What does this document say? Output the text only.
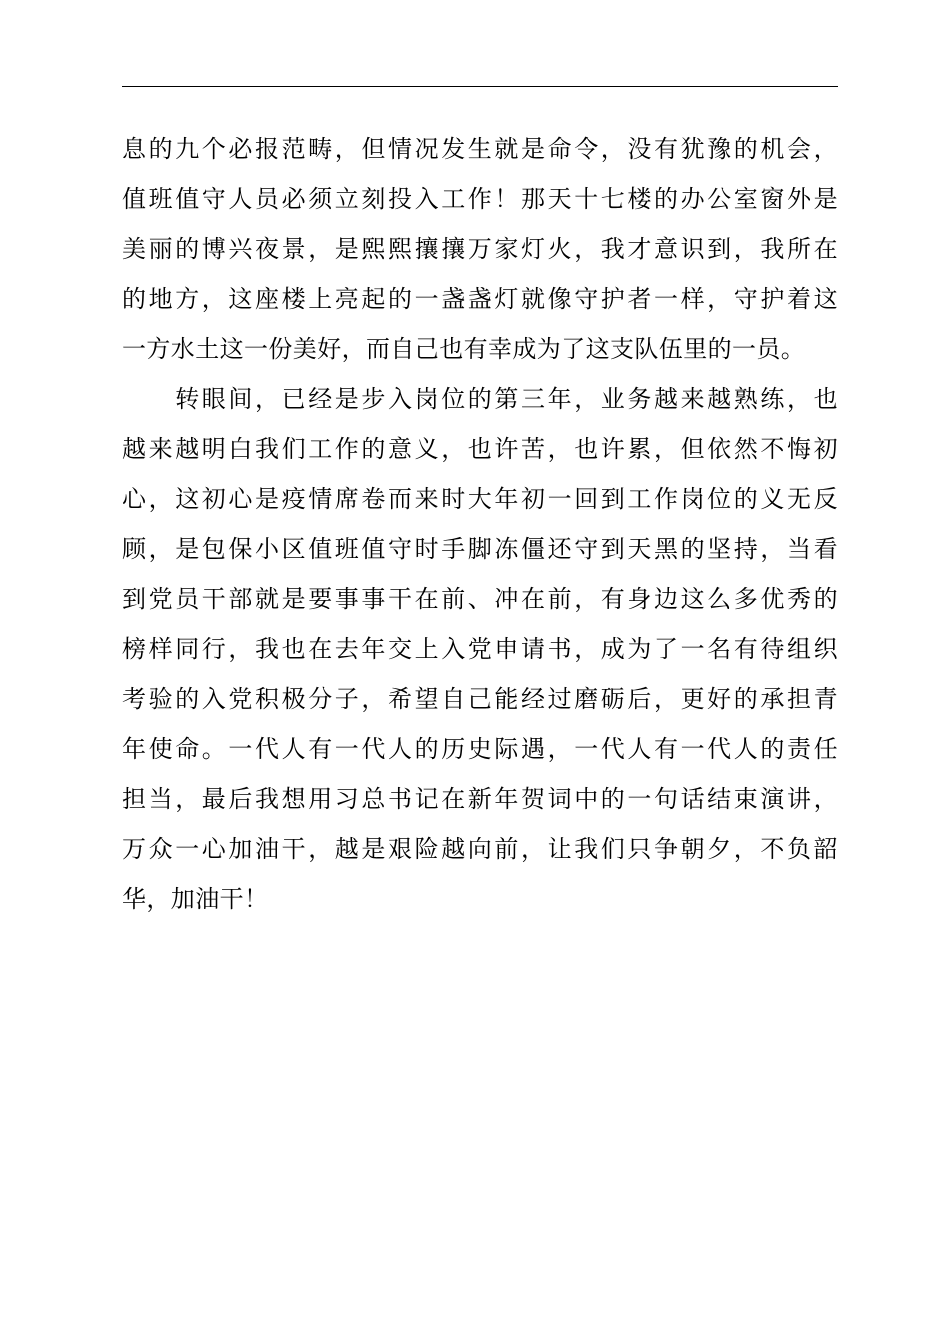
息的九个必报范畴，但情况发生就是命令，没有犹豫的机会，
值班值守人员必须立刻投入工作！那天十七楼的办公室窗外是
美丽的博兴夜景，是熙熙攘攘万家灯火，我才意识到，我所在
的地方，这座楼上亮起的一盏盏灯就像守护者一样，守护着这
一方水土这一份美好，而自己也有幸成为了这支队伍里的一员。
　　转眼间，已经是步入岗位的第三年，业务越来越熟练，也
越来越明白我们工作的意义，也许苦，也许累，但依然不悔初
心，这初心是疫情席卷而来时大年初一回到工作岗位的义无反
顾，是包保小区值班值守时手脚冻僵还守到天黑的坚持，当看
到党员干部就是要事事干在前、冲在前，有身边这么多优秀的
榜样同行，我也在去年交上入党申请书，成为了一名有待组织
考验的入党积极分子，希望自己能经过磨砺后，更好的承担青
年使命。一代人有一代人的历史际遇，一代人有一代人的责任
担当，最后我想用习总书记在新年贺词中的一句话结束演讲，
万众一心加油干，越是艰险越向前，让我们只争朝夕，不负韶
华，加油干！
